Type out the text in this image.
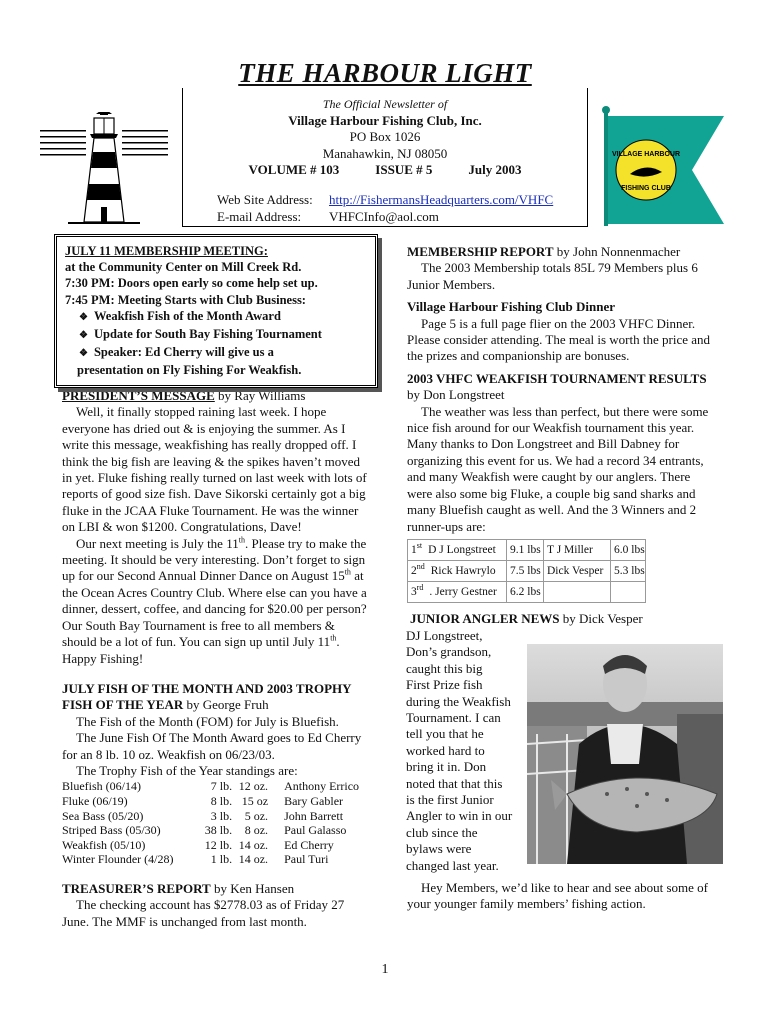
VILLAGE HARBOUR
FISHING CLUB
THE HARBOUR LIGHT
The Official Newsletter of
Village Harbour Fishing Club, Inc.
PO Box 1026
Manahawkin, NJ 08050
VOLUME # 103	ISSUE # 5	July 2003
Web Site Address: http://FishermansHeadquarters.com/VHFC
E-mail Address: VHFCInfo@aol.com
JULY 11 MEMBERSHIP MEETING:
at the Community Center on Mill Creek Rd.
7:30 PM: Doors open early so come help set up.
7:45 PM: Meeting Starts with Club Business:
❖ Weakfish Fish of the Month Award
❖ Update for South Bay Fishing Tournament
❖ Speaker: Ed Cherry will give us a
presentation on Fly Fishing For Weakfish.

PRESIDENT’S MESSAGE by Ray Williams

Well, it finally stopped raining last week. I hope everyone has dried out & is enjoying the summer. As I write this message, weakfishing has really dropped off. I think the big fish are leaving & the spikes haven’t moved in yet. Fluke fishing really turned on last week with lots of reports of good size fish. Dave Sikorski certainly got a big fluke in the JCAA Fluke Tournament. He was the winner on LBI & won $1200. Congratulations, Dave!

Our next meeting is July the 11th. Please try to make the meeting. It should be very interesting. Don’t forget to sign up for our Second Annual Dinner Dance on August 15th at the Ocean Acres Country Club. Where else can you have a dinner, dessert, coffee, and dancing for $20.00 per person? Our South Bay Tournament is free to all members & should be a lot of fun. You can sign up until July 11th. Happy Fishing!

JULY FISH OF THE MONTH AND 2003 TROPHY FISH OF THE YEAR by George Fruh

The Fish of the Month (FOM) for July is Bluefish.

The June Fish Of The Month Award goes to Ed Cherry for an 8 lb. 10 oz. Weakfish on 06/23/03.

The Trophy Fish of the Year standings are:

Bluefish (06/14)	7 lb.	12 oz.	Anthony Errico
Fluke (06/19)	8 lb.	15 oz	Bary Gabler
Sea Bass (05/20)	3 lb.	5 oz.	John Barrett
Striped Bass (05/30)	38 lb.	8 oz.	Paul Galasso
Weakfish (05/10)	12 lb.	14 oz.	Ed Cherry
Winter Flounder (4/28)	1 lb.	14 oz.	Paul Turi

TREASURER’S REPORT by Ken Hansen

The checking account has $2778.03 as of Friday 27 June. The MMF is unchanged from last month.

MEMBERSHIP REPORT by John Nonnenmacher

The 2003 Membership totals 85L 79 Members plus 6 Junior Members.

Village Harbour Fishing Club Dinner

Page 5 is a full page flier on the 2003 VHFC Dinner. Please consider attending. The meal is worth the price and the prizes and companionship are bonuses.

2003 VHFC WEAKFISH TOURNAMENT RESULTS by Don Longstreet

The weather was less than perfect, but there were some nice fish around for our Weakfish tournament this year. Many thanks to Don Longstreet and Bill Dabney for organizing this event for us. We had a record 34 entrants, and many Weakfish were caught by our anglers. There were also some big Fluke, a couple big sand sharks and many Bluefish caught as well. And the 3 Winners and 2 runner-ups are:

1st D J Longstreet	9.1 lbs	T J Miller	6.0 lbs
2nd Rick Hawrylo	7.5 lbs	Dick Vesper	5.3 lbs
3rd . Jerry Gestner	6.2 lbs		

JUNIOR ANGLER NEWS by Dick Vesper

DJ Longstreet,
Don’s grandson,
caught this big
First Prize fish
during the Weakfish
Tournament. I can
tell you that he
worked hard to
bring it in. Don
noted that that this
is the first Junior
Angler to win in our
club since the
bylaws were
changed last year.

Hey Members, we’d like to hear and see about some of your younger family members’ fishing action.

1
